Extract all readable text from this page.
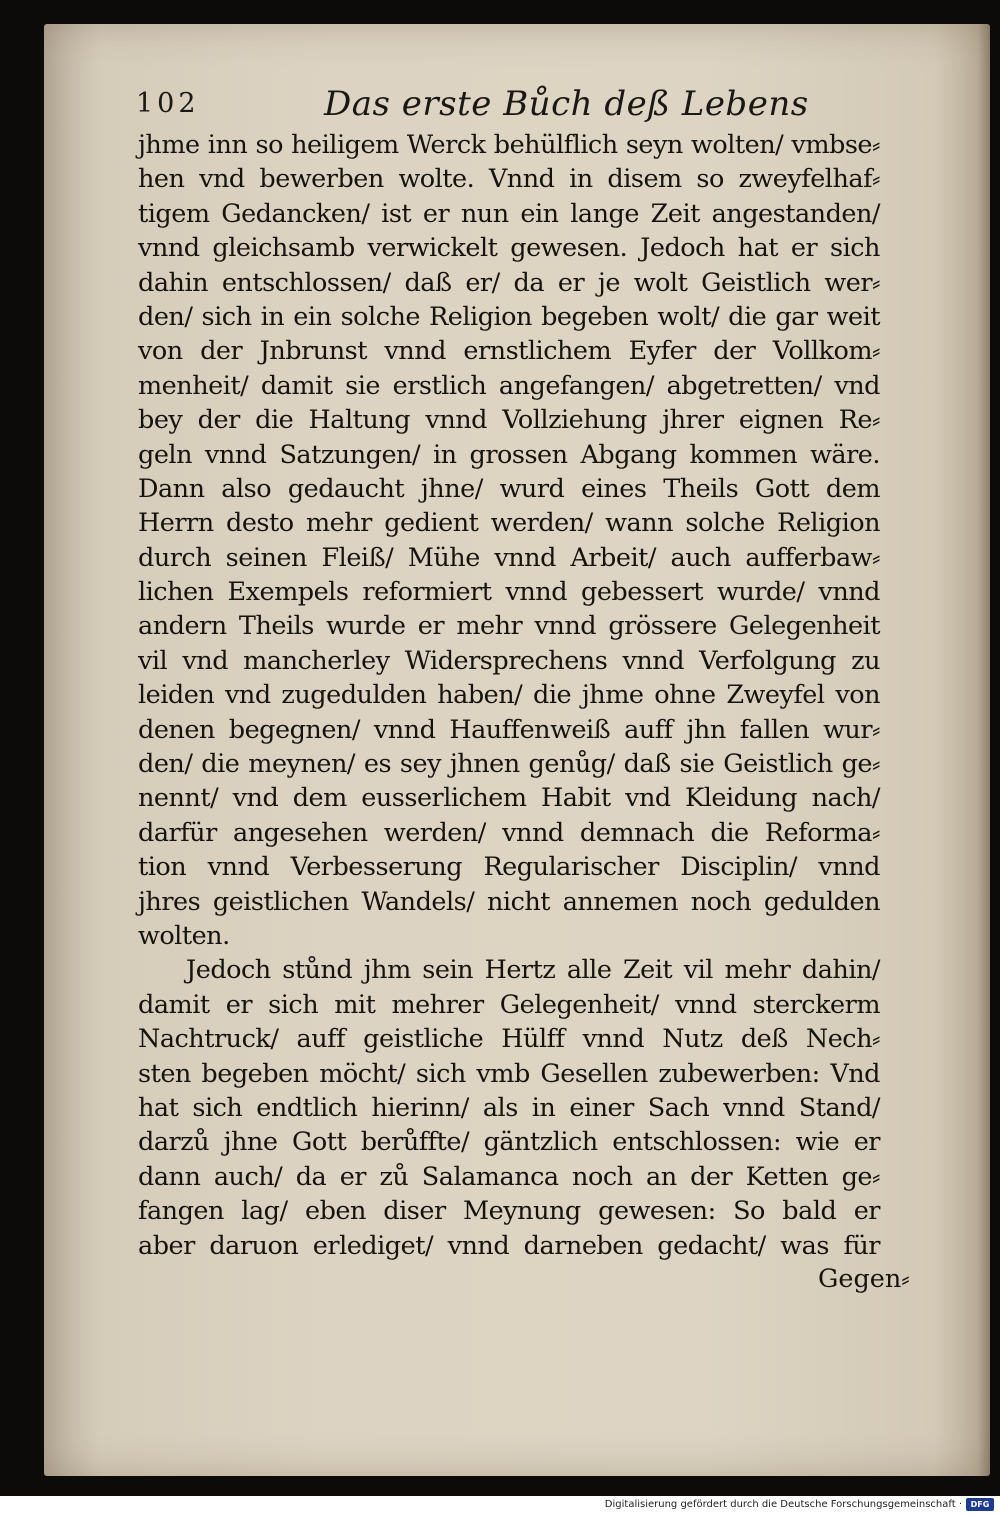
102	Das erste Bůch deß Lebens
jhme inn so heiligem Werck behülflich seyn wolten/ vmbse⸗
hen vnd bewerben wolte. Vnnd in disem so zweyfelhaf⸗
tigem Gedancken/ ist er nun ein lange Zeit angestanden/
vnnd gleichsamb verwickelt gewesen. Jedoch hat er sich
dahin entschlossen/ daß er/ da er je wolt Geistlich wer⸗
den/ sich in ein solche Religion begeben wolt/ die gar weit
von der Jnbrunst vnnd ernstlichem Eyfer der Vollkom⸗
menheit/ damit sie erstlich angefangen/ abgetretten/ vnd
bey der die Haltung vnnd Vollziehung jhrer eignen Re⸗
geln vnnd Satzungen/ in grossen Abgang kommen wäre.
Dann also gedaucht jhne/ wurd eines Theils Gott dem
Herrn desto mehr gedient werden/ wann solche Religion
durch seinen Fleiß/ Mühe vnnd Arbeit/ auch aufferbaw⸗
lichen Exempels reformiert vnnd gebessert wurde/ vnnd
andern Theils wurde er mehr vnnd grössere Gelegenheit
vil vnd mancherley Widersprechens vnnd Verfolgung zu
leiden vnd zugedulden haben/ die jhme ohne Zweyfel von
denen begegnen/ vnnd Hauffenweiß auff jhn fallen wur⸗
den/ die meynen/ es sey jhnen genůg/ daß sie Geistlich ge⸗
nennt/ vnd dem eusserlichem Habit vnd Kleidung nach/
darfür angesehen werden/ vnnd demnach die Reforma⸗
tion vnnd Verbesserung Regularischer Disciplin/ vnnd
jhres geistlichen Wandels/ nicht annemen noch gedulden
wolten.
Jedoch stůnd jhm sein Hertz alle Zeit vil mehr dahin/
damit er sich mit mehrer Gelegenheit/ vnnd sterckerm
Nachtruck/ auff geistliche Hülff vnnd Nutz deß Nech⸗
sten begeben möcht/ sich vmb Gesellen zubewerben: Vnd
hat sich endtlich hierinn/ als in einer Sach vnnd Stand/
darzů jhne Gott berůffte/ gäntzlich entschlossen: wie er
dann auch/ da er zů Salamanca noch an der Ketten ge⸗
fangen lag/ eben diser Meynung gewesen: So bald er
aber daruon erlediget/ vnnd darneben gedacht/ was für
Gegen⸗
Digitalisierung gefördert durch die Deutsche Forschungsgemeinschaft ·	DFG
